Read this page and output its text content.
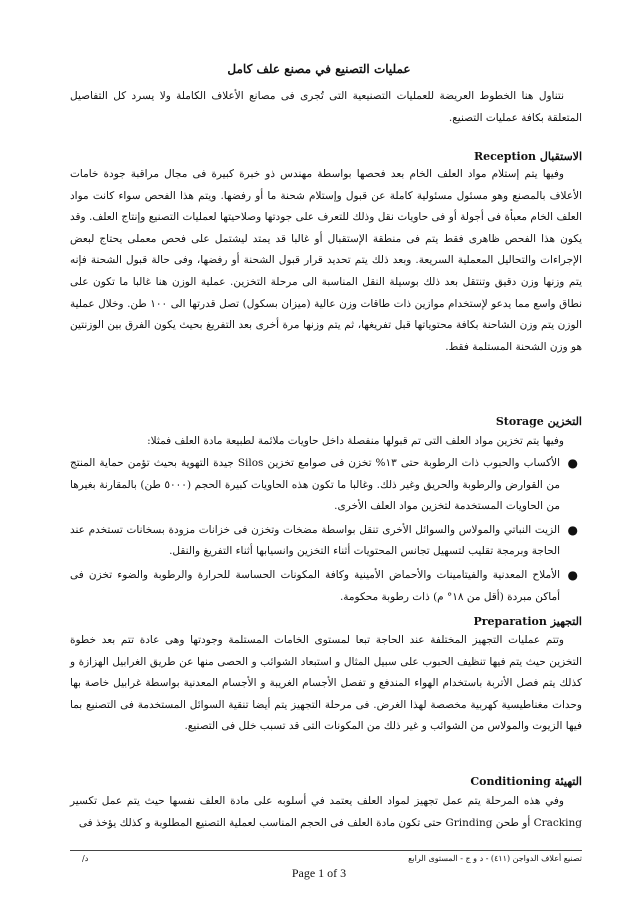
عمليات التصنيع في مصنع علف كامل

نتناول هنا الخطوط العريضة للعمليات التصنيعية التى تُجرى فى مصانع الأعلاف الكاملة ولا يسرد كل التفاصيل المتعلقة بكافة عمليات التصنيع.

الاستقبال Reception

وفيها يتم إستلام مواد العلف الخام بعد فحصها بواسطة مهندس ذو خبرة كبيرة فى مجال مراقبة جودة خامات الأعلاف بالمصنع وهو مسئول مسئولية كاملة عن قبول وإستلام شحنة ما أو رفضها. ويتم هذا الفحص سواء كانت مواد العلف الخام معبأة فى أجولة أو فى حاويات نقل وذلك للتعرف على جودتها وصلاحيتها لعمليات التصنيع وإنتاج العلف. وقد يكون هذا الفحص ظاهرى فقط يتم فى منطقة الإستقبال أو غالبا قد يمتد ليشتمل على فحص معملى يحتاج لبعض الإجراءات والتحاليل المعملية السريعة. وبعد ذلك يتم تحديد قرار قبول الشحنة أو رفضها، وفى حالة قبول الشحنة فإنه يتم وزنها وزن دقيق وتنتقل بعد ذلك بوسيلة النقل المناسبة الى مرحلة التخزين. عملية الوزن هنا غالبا ما تكون على نطاق واسع مما يدعو لإستخدام موازين ذات طاقات وزن عالية (ميزان بسكول) تصل قدرتها الى ١٠٠ طن. وخلال عملية الوزن يتم وزن الشاحنة بكافة محتوياتها قبل تفريغها، ثم يتم وزنها مرة أخرى بعد التفريغ بحيث يكون الفرق بين الوزنتين هو وزن الشحنة المستلمة فقط.

التخزين Storage

وفيها يتم تخزين مواد العلف التى تم قبولها منفصلة داخل حاويات ملائمة لطبيعة مادة العلف فمثلا:

●
الأكساب والحبوب ذات الرطوبة حتى ١٣% تخزن فى صوامع تخزين Silos جيدة التهوية بحيث تؤمن حماية المنتج من القوارض والرطوبة والحريق وغير ذلك. وغالبا ما تكون هذه الحاويات كبيرة الحجم (٥٠٠٠ طن) بالمقارنة بغيرها من الحاويات المستخدمة لتخزين مواد العلف الأخرى.
●
الزيت النباتي والمولاس والسوائل الأخرى تنقل بواسطة مضخات وتخزن فى خزانات مزودة بسخانات تستخدم عند الحاجة وبرمجة تقليب لتسهيل تجانس المحتويات أثناء التخزين وانسيابها أثناء التفريغ والنقل.
●
الأملاح المعدنية والفيتامينات والأحماض الأمينية وكافة المكونات الحساسة للحرارة والرطوبة والضوء تخزن فى أماكن مبردة (أقل من ١٨° م) ذات رطوبة محكومة.
التجهيز Preparation

وتتم عمليات التجهيز المختلفة عند الحاجة تبعا لمستوى الخامات المستلمة وجودتها وهى عادة تتم بعد خطوة التخزين حيث يتم فيها تنظيف الحبوب على سبيل المثال و استبعاد الشوائب و الحصى منها عن طريق الغرابيل الهزازة و كذلك يتم فصل الأتربة باستخدام الهواء المندفع و تفصل الأجسام الغريبة و الأجسام المعدنية بواسطة غرابيل خاصة بها وحدات مغناطيسية كهربية مخصصة لهذا الغرض. فى مرحلة التجهيز يتم أيضا تنقية السوائل المستخدمة فى التصنيع بما فيها الزيوت والمولاس من الشوائب و غير ذلك من المكونات التى قد تسبب خلل فى التصنيع.

التهيئة Conditioning

وفي هذه المرحلة يتم عمل تجهيز لمواد العلف يعتمد في أسلوبه على مادة العلف نفسها حيث يتم عمل تكسير Cracking أو طحن Grinding حتى تكون مادة العلف فى الحجم المناسب لعملية التصنيع المطلوبة و كذلك يؤخذ فى

/د	تصنيع أعلاف الدواجن (٤١١) - د و ج - المستوى الرابع
Page 1 of 3
